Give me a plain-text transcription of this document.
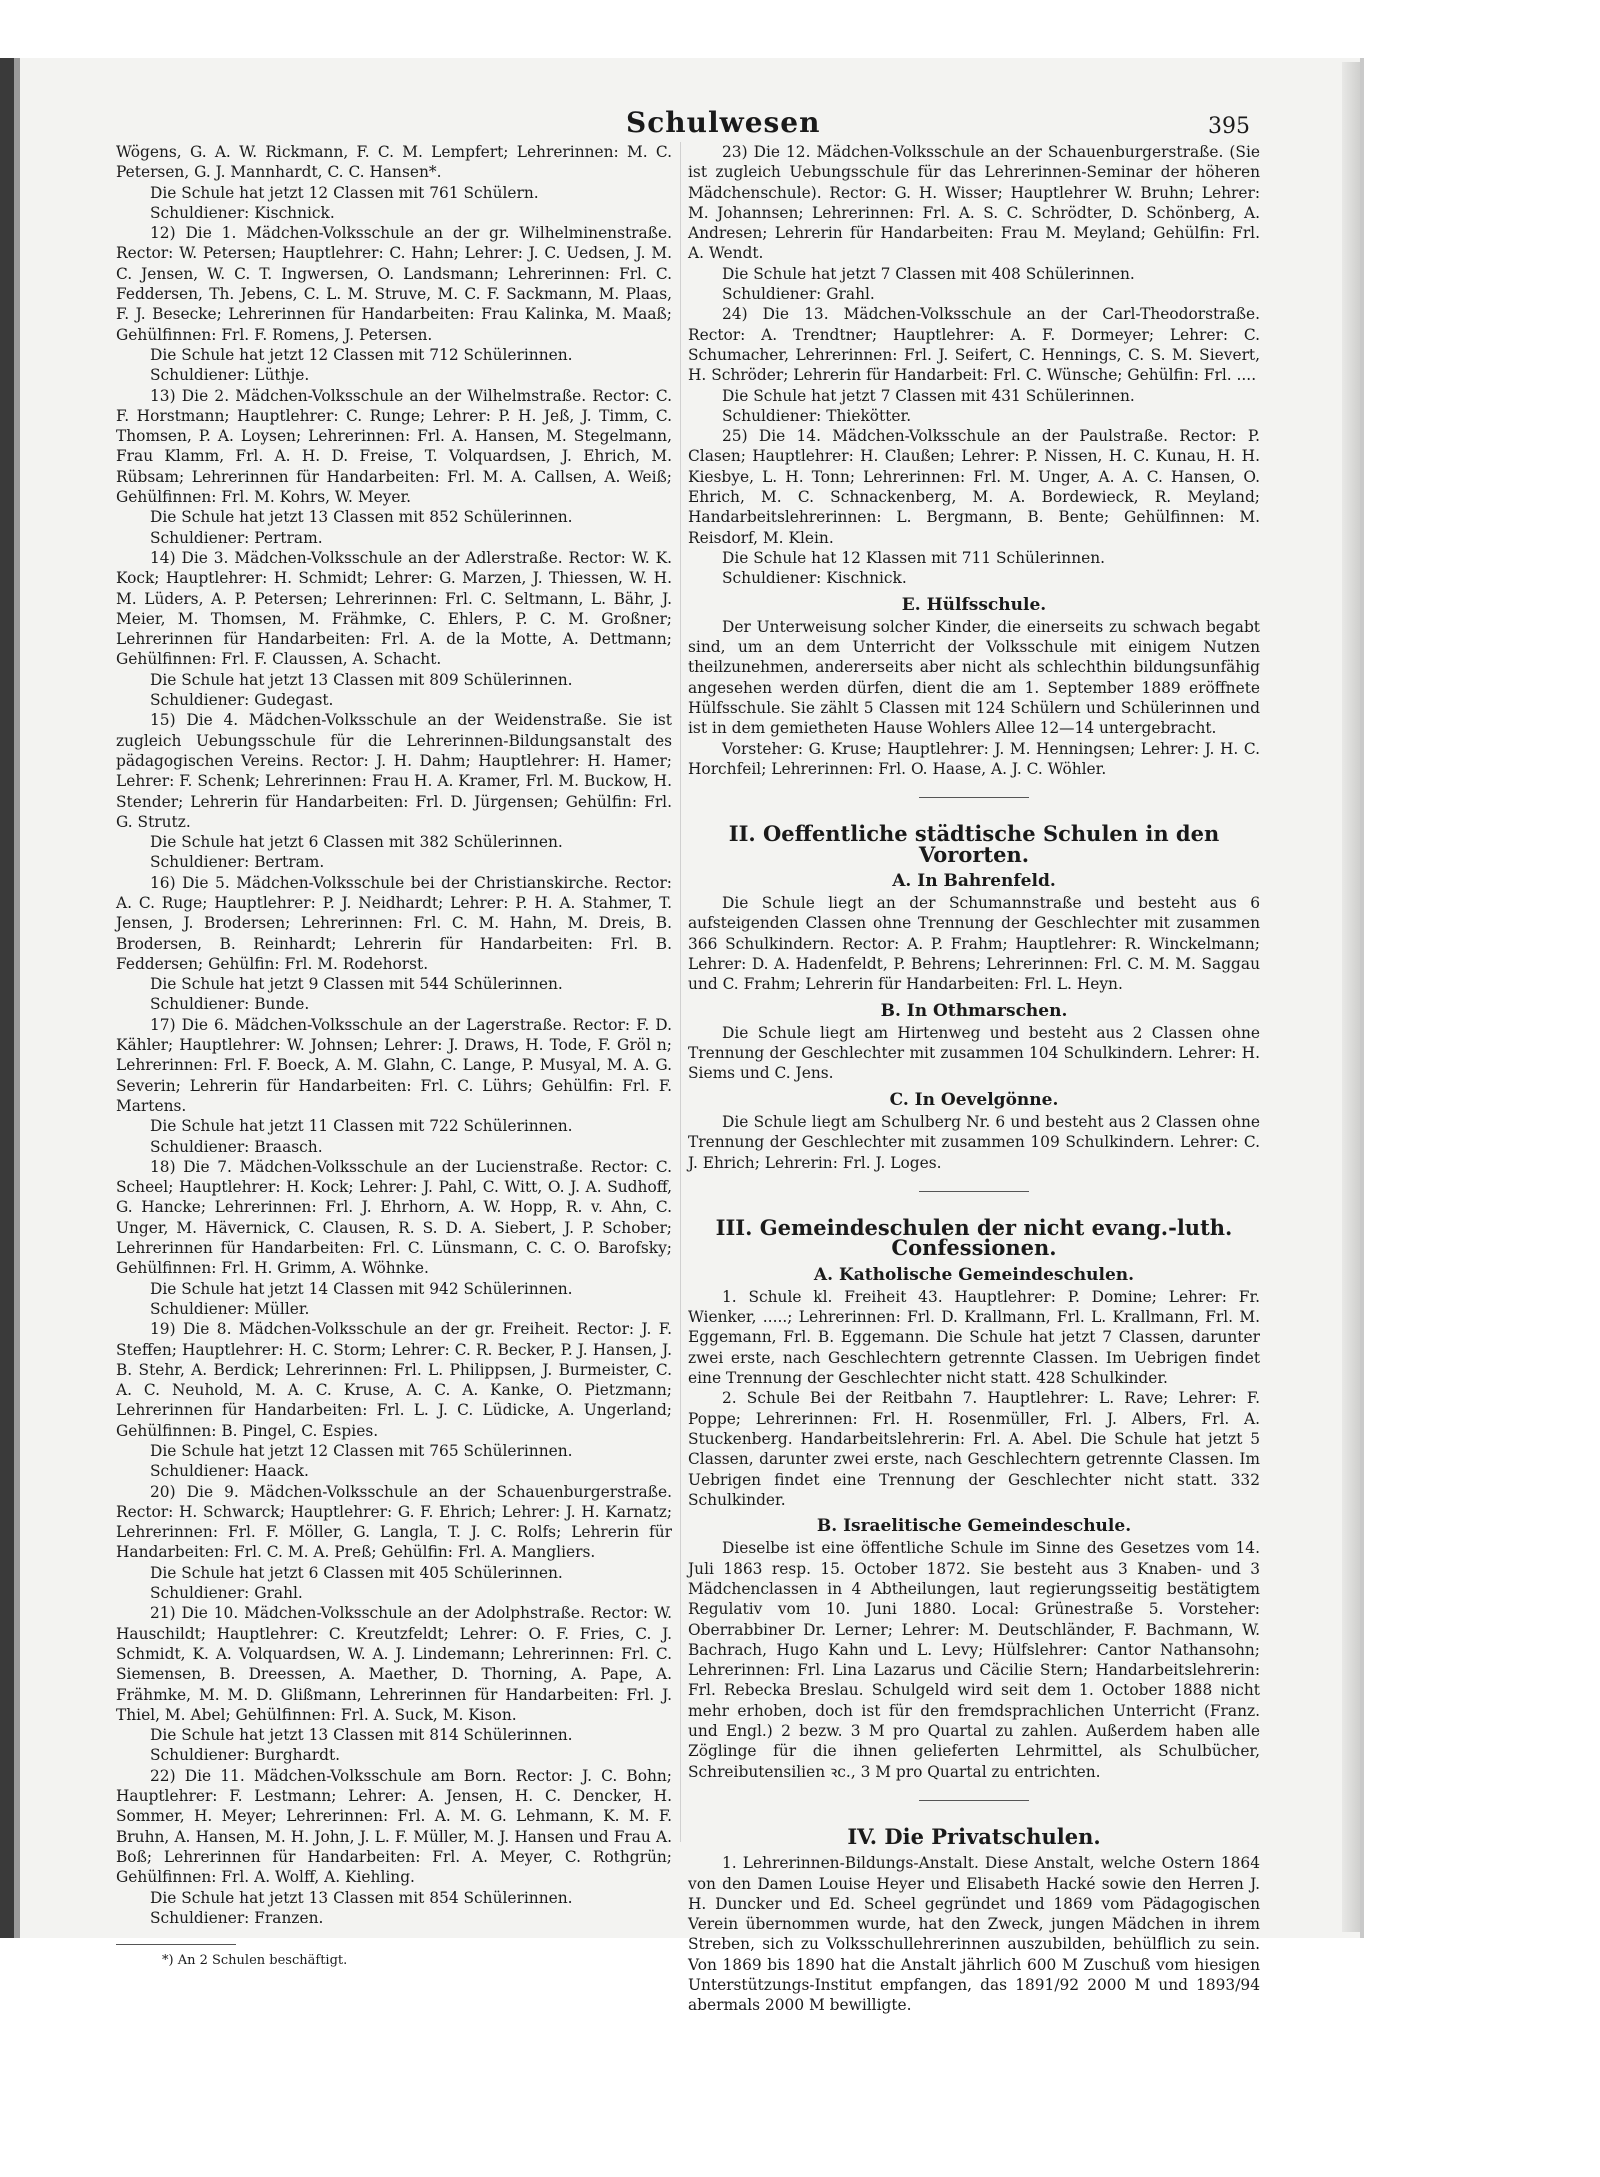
Schulwesen	395

Wögens, G. A. W. Rickmann, F. C. M. Lempfert; Lehrerinnen: M. C. Petersen, G. J. Mannhardt, C. C. Hansen*.

Die Schule hat jetzt 12 Classen mit 761 Schülern.

Schuldiener: Kischnick.

12) Die 1. Mädchen-Volksschule an der gr. Wilhelminenstraße. Rector: W. Petersen; Hauptlehrer: C. Hahn; Lehrer: J. C. Uedsen, J. M. C. Jensen, W. C. T. Ingwersen, O. Landsmann; Lehrerinnen: Frl. C. Feddersen, Th. Jebens, C. L. M. Struve, M. C. F. Sackmann, M. Plaas, F. J. Besecke; Lehrerinnen für Handarbeiten: Frau Kalinka, M. Maaß; Gehülfinnen: Frl. F. Romens, J. Petersen.

Die Schule hat jetzt 12 Classen mit 712 Schülerinnen.

Schuldiener: Lüthje.

13) Die 2. Mädchen-Volksschule an der Wilhelmstraße. Rector: C. F. Horstmann; Hauptlehrer: C. Runge; Lehrer: P. H. Jeß, J. Timm, C. Thomsen, P. A. Loysen; Lehrerinnen: Frl. A. Hansen, M. Stegelmann, Frau Klamm, Frl. A. H. D. Freise, T. Volquardsen, J. Ehrich, M. Rübsam; Lehrerinnen für Handarbeiten: Frl. M. A. Callsen, A. Weiß; Gehülfinnen: Frl. M. Kohrs, W. Meyer.

Die Schule hat jetzt 13 Classen mit 852 Schülerinnen.

Schuldiener: Pertram.

14) Die 3. Mädchen-Volksschule an der Adlerstraße. Rector: W. K. Kock; Hauptlehrer: H. Schmidt; Lehrer: G. Marzen, J. Thiessen, W. H. M. Lüders, A. P. Petersen; Lehrerinnen: Frl. C. Seltmann, L. Bähr, J. Meier, M. Thomsen, M. Frähmke, C. Ehlers, P. C. M. Großner; Lehrerinnen für Handarbeiten: Frl. A. de la Motte, A. Dettmann; Gehülfinnen: Frl. F. Claussen, A. Schacht.

Die Schule hat jetzt 13 Classen mit 809 Schülerinnen.

Schuldiener: Gudegast.

15) Die 4. Mädchen-Volksschule an der Weidenstraße. Sie ist zugleich Uebungsschule für die Lehrerinnen-Bildungsanstalt des pädagogischen Vereins. Rector: J. H. Dahm; Hauptlehrer: H. Hamer; Lehrer: F. Schenk; Lehrerinnen: Frau H. A. Kramer, Frl. M. Buckow, H. Stender; Lehrerin für Handarbeiten: Frl. D. Jürgensen; Gehülfin: Frl. G. Strutz.

Die Schule hat jetzt 6 Classen mit 382 Schülerinnen.

Schuldiener: Bertram.

16) Die 5. Mädchen-Volksschule bei der Christianskirche. Rector: A. C. Ruge; Hauptlehrer: P. J. Neidhardt; Lehrer: P. H. A. Stahmer, T. Jensen, J. Brodersen; Lehrerinnen: Frl. C. M. Hahn, M. Dreis, B. Brodersen, B. Reinhardt; Lehrerin für Handarbeiten: Frl. B. Feddersen; Gehülfin: Frl. M. Rodehorst.

Die Schule hat jetzt 9 Classen mit 544 Schülerinnen.

Schuldiener: Bunde.

17) Die 6. Mädchen-Volksschule an der Lagerstraße. Rector: F. D. Kähler; Hauptlehrer: W. Johnsen; Lehrer: J. Draws, H. Tode, F. Gröl n; Lehrerinnen: Frl. F. Boeck, A. M. Glahn, C. Lange, P. Musyal, M. A. G. Severin; Lehrerin für Handarbeiten: Frl. C. Lührs; Gehülfin: Frl. F. Martens.

Die Schule hat jetzt 11 Classen mit 722 Schülerinnen.

Schuldiener: Braasch.

18) Die 7. Mädchen-Volksschule an der Lucienstraße. Rector: C. Scheel; Hauptlehrer: H. Kock; Lehrer: J. Pahl, C. Witt, O. J. A. Sudhoff, G. Hancke; Lehrerinnen: Frl. J. Ehrhorn, A. W. Hopp, R. v. Ahn, C. Unger, M. Hävernick, C. Clausen, R. S. D. A. Siebert, J. P. Schober; Lehrerinnen für Handarbeiten: Frl. C. Lünsmann, C. C. O. Barofsky; Gehülfinnen: Frl. H. Grimm, A. Wöhnke.

Die Schule hat jetzt 14 Classen mit 942 Schülerinnen.

Schuldiener: Müller.

19) Die 8. Mädchen-Volksschule an der gr. Freiheit. Rector: J. F. Steffen; Hauptlehrer: H. C. Storm; Lehrer: C. R. Becker, P. J. Hansen, J. B. Stehr, A. Berdick; Lehrerinnen: Frl. L. Philippsen, J. Burmeister, C. A. C. Neuhold, M. A. C. Kruse, A. C. A. Kanke, O. Pietzmann; Lehrerinnen für Handarbeiten: Frl. L. J. C. Lüdicke, A. Ungerland; Gehülfinnen: B. Pingel, C. Espies.

Die Schule hat jetzt 12 Classen mit 765 Schülerinnen.

Schuldiener: Haack.

20) Die 9. Mädchen-Volksschule an der Schauenburgerstraße. Rector: H. Schwarck; Hauptlehrer: G. F. Ehrich; Lehrer: J. H. Karnatz; Lehrerinnen: Frl. F. Möller, G. Langla, T. J. C. Rolfs; Lehrerin für Handarbeiten: Frl. C. M. A. Preß; Gehülfin: Frl. A. Mangliers.

Die Schule hat jetzt 6 Classen mit 405 Schülerinnen.

Schuldiener: Grahl.

21) Die 10. Mädchen-Volksschule an der Adolphstraße. Rector: W. Hauschildt; Hauptlehrer: C. Kreutzfeldt; Lehrer: O. F. Fries, C. J. Schmidt, K. A. Volquardsen, W. A. J. Lindemann; Lehrerinnen: Frl. C. Siemensen, B. Dreessen, A. Maether, D. Thorning, A. Pape, A. Frähmke, M. M. D. Glißmann, Lehrerinnen für Handarbeiten: Frl. J. Thiel, M. Abel; Gehülfinnen: Frl. A. Suck, M. Kison.

Die Schule hat jetzt 13 Classen mit 814 Schülerinnen.

Schuldiener: Burghardt.

22) Die 11. Mädchen-Volksschule am Born. Rector: J. C. Bohn; Hauptlehrer: F. Lestmann; Lehrer: A. Jensen, H. C. Dencker, H. Sommer, H. Meyer; Lehrerinnen: Frl. A. M. G. Lehmann, K. M. F. Bruhn, A. Hansen, M. H. John, J. L. F. Müller, M. J. Hansen und Frau A. Boß; Lehrerinnen für Handarbeiten: Frl. A. Meyer, C. Rothgrün; Gehülfinnen: Frl. A. Wolff, A. Kiehling.

Die Schule hat jetzt 13 Classen mit 854 Schülerinnen.

Schuldiener: Franzen.

*) An 2 Schulen beschäftigt.

23) Die 12. Mädchen-Volksschule an der Schauenburgerstraße. (Sie ist zugleich Uebungsschule für das Lehrerinnen-Seminar der höheren Mädchenschule). Rector: G. H. Wisser; Hauptlehrer W. Bruhn; Lehrer: M. Johannsen; Lehrerinnen: Frl. A. S. C. Schrödter, D. Schönberg, A. Andresen; Lehrerin für Handarbeiten: Frau M. Meyland; Gehülfin: Frl. A. Wendt.

Die Schule hat jetzt 7 Classen mit 408 Schülerinnen.

Schuldiener: Grahl.

24) Die 13. Mädchen-Volksschule an der Carl-Theodorstraße. Rector: A. Trendtner; Hauptlehrer: A. F. Dormeyer; Lehrer: C. Schumacher, Lehrerinnen: Frl. J. Seifert, C. Hennings, C. S. M. Sievert, H. Schröder; Lehrerin für Handarbeit: Frl. C. Wünsche; Gehülfin: Frl. ....

Die Schule hat jetzt 7 Classen mit 431 Schülerinnen.

Schuldiener: Thiekötter.

25) Die 14. Mädchen-Volksschule an der Paulstraße. Rector: P. Clasen; Hauptlehrer: H. Claußen; Lehrer: P. Nissen, H. C. Kunau, H. H. Kiesbye, L. H. Tonn; Lehrerinnen: Frl. M. Unger, A. A. C. Hansen, O. Ehrich, M. C. Schnackenberg, M. A. Bordewieck, R. Meyland; Handarbeitslehrerinnen: L. Bergmann, B. Bente; Gehülfinnen: M. Reisdorf, M. Klein.

Die Schule hat 12 Klassen mit 711 Schülerinnen.

Schuldiener: Kischnick.

E. Hülfsschule.

Der Unterweisung solcher Kinder, die einerseits zu schwach begabt sind, um an dem Unterricht der Volksschule mit einigem Nutzen theilzunehmen, andererseits aber nicht als schlechthin bildungsunfähig angesehen werden dürfen, dient die am 1. September 1889 eröffnete Hülfsschule. Sie zählt 5 Classen mit 124 Schülern und Schülerinnen und ist in dem gemietheten Hause Wohlers Allee 12—14 untergebracht.

Vorsteher: G. Kruse; Hauptlehrer: J. M. Henningsen; Lehrer: J. H. C. Horchfeil; Lehrerinnen: Frl. O. Haase, A. J. C. Wöhler.

II. Oeffentliche städtische Schulen in den Vororten.
A. In Bahrenfeld.

Die Schule liegt an der Schumannstraße und besteht aus 6 aufsteigenden Classen ohne Trennung der Geschlechter mit zusammen 366 Schulkindern. Rector: A. P. Frahm; Hauptlehrer: R. Winckelmann; Lehrer: D. A. Hadenfeldt, P. Behrens; Lehrerinnen: Frl. C. M. M. Saggau und C. Frahm; Lehrerin für Handarbeiten: Frl. L. Heyn.

B. In Othmarschen.

Die Schule liegt am Hirtenweg und besteht aus 2 Classen ohne Trennung der Geschlechter mit zusammen 104 Schulkindern. Lehrer: H. Siems und C. Jens.

C. In Oevelgönne.

Die Schule liegt am Schulberg Nr. 6 und besteht aus 2 Classen ohne Trennung der Geschlechter mit zusammen 109 Schulkindern. Lehrer: C. J. Ehrich; Lehrerin: Frl. J. Loges.

III. Gemeindeschulen der nicht evang.-luth. Confessionen.
A. Katholische Gemeindeschulen.

1. Schule kl. Freiheit 43. Hauptlehrer: P. Domine; Lehrer: Fr. Wienker, .....; Lehrerinnen: Frl. D. Krallmann, Frl. L. Krallmann, Frl. M. Eggemann, Frl. B. Eggemann. Die Schule hat jetzt 7 Classen, darunter zwei erste, nach Geschlechtern getrennte Classen. Im Uebrigen findet eine Trennung der Geschlechter nicht statt. 428 Schulkinder.

2. Schule Bei der Reitbahn 7. Hauptlehrer: L. Rave; Lehrer: F. Poppe; Lehrerinnen: Frl. H. Rosenmüller, Frl. J. Albers, Frl. A. Stuckenberg. Handarbeitslehrerin: Frl. A. Abel. Die Schule hat jetzt 5 Classen, darunter zwei erste, nach Geschlechtern getrennte Classen. Im Uebrigen findet eine Trennung der Geschlechter nicht statt. 332 Schulkinder.

B. Israelitische Gemeindeschule.

Dieselbe ist eine öffentliche Schule im Sinne des Gesetzes vom 14. Juli 1863 resp. 15. October 1872. Sie besteht aus 3 Knaben- und 3 Mädchenclassen in 4 Abtheilungen, laut regierungsseitig bestätigtem Regulativ vom 10. Juni 1880. Local: Grünestraße 5. Vorsteher: Oberrabbiner Dr. Lerner; Lehrer: M. Deutschländer, F. Bachmann, W. Bachrach, Hugo Kahn und L. Levy; Hülfslehrer: Cantor Nathansohn; Lehrerinnen: Frl. Lina Lazarus und Cäcilie Stern; Handarbeitslehrerin: Frl. Rebecka Breslau. Schulgeld wird seit dem 1. October 1888 nicht mehr erhoben, doch ist für den fremdsprachlichen Unterricht (Franz. und Engl.) 2 bezw. 3 M pro Quartal zu zahlen. Außerdem haben alle Zöglinge für die ihnen gelieferten Lehrmittel, als Schulbücher, Schreibutensilien ꝛc., 3 M pro Quartal zu entrichten.

IV. Die Privatschulen.

1. Lehrerinnen-Bildungs-Anstalt. Diese Anstalt, welche Ostern 1864 von den Damen Louise Heyer und Elisabeth Hacké sowie den Herren J. H. Duncker und Ed. Scheel gegründet und 1869 vom Pädagogischen Verein übernommen wurde, hat den Zweck, jungen Mädchen in ihrem Streben, sich zu Volksschullehrerinnen auszubilden, behülflich zu sein. Von 1869 bis 1890 hat die Anstalt jährlich 600 M Zuschuß vom hiesigen Unterstützungs-Institut empfangen, das 1891/92 2000 M und 1893/94 abermals 2000 M bewilligte.
